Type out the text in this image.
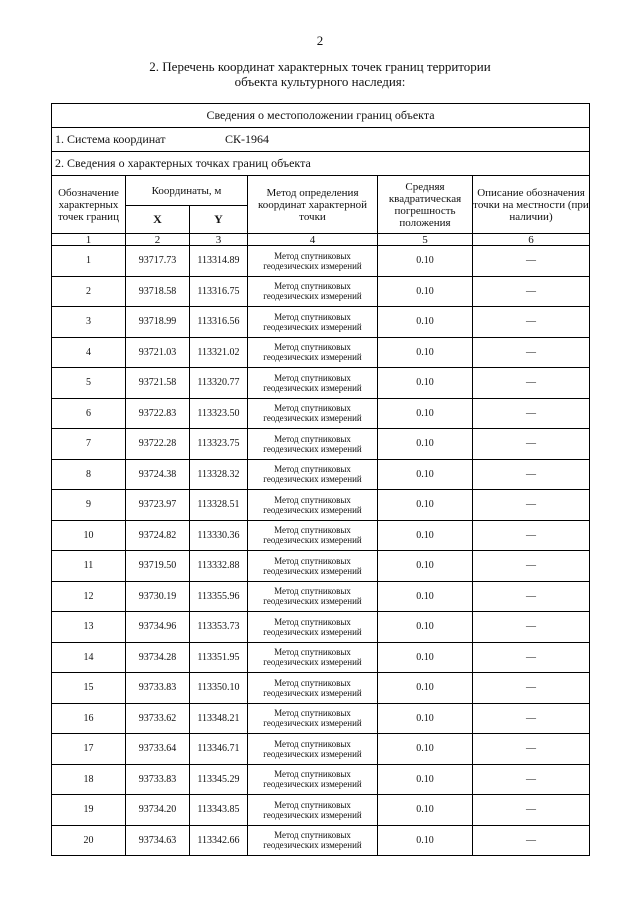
2
2. Перечень координат характерных точек границ территории
объекта культурного наследия:
Сведения о местоположении границ объекта					
1. Система координат СК-1964					
2. Сведения о характерных точках границ объекта					
Обозначение характерных точек границ	Координаты, м		Метод определения координат характерной точки	Средняя квадратическая погрешность положения	Описание обозначения точки на местности (при наличии)
	X	Y			
1	2	3	4	5	6
1	93717.73	113314.89	Метод спутниковых геодезических измерений	0.10	—
2	93718.58	113316.75	Метод спутниковых геодезических измерений	0.10	—
3	93718.99	113316.56	Метод спутниковых геодезических измерений	0.10	—
4	93721.03	113321.02	Метод спутниковых геодезических измерений	0.10	—
5	93721.58	113320.77	Метод спутниковых геодезических измерений	0.10	—
6	93722.83	113323.50	Метод спутниковых геодезических измерений	0.10	—
7	93722.28	113323.75	Метод спутниковых геодезических измерений	0.10	—
8	93724.38	113328.32	Метод спутниковых геодезических измерений	0.10	—
9	93723.97	113328.51	Метод спутниковых геодезических измерений	0.10	—
10	93724.82	113330.36	Метод спутниковых геодезических измерений	0.10	—
11	93719.50	113332.88	Метод спутниковых геодезических измерений	0.10	—
12	93730.19	113355.96	Метод спутниковых геодезических измерений	0.10	—
13	93734.96	113353.73	Метод спутниковых геодезических измерений	0.10	—
14	93734.28	113351.95	Метод спутниковых геодезических измерений	0.10	—
15	93733.83	113350.10	Метод спутниковых геодезических измерений	0.10	—
16	93733.62	113348.21	Метод спутниковых геодезических измерений	0.10	—
17	93733.64	113346.71	Метод спутниковых геодезических измерений	0.10	—
18	93733.83	113345.29	Метод спутниковых геодезических измерений	0.10	—
19	93734.20	113343.85	Метод спутниковых геодезических измерений	0.10	—
20	93734.63	113342.66	Метод спутниковых геодезических измерений	0.10	—
